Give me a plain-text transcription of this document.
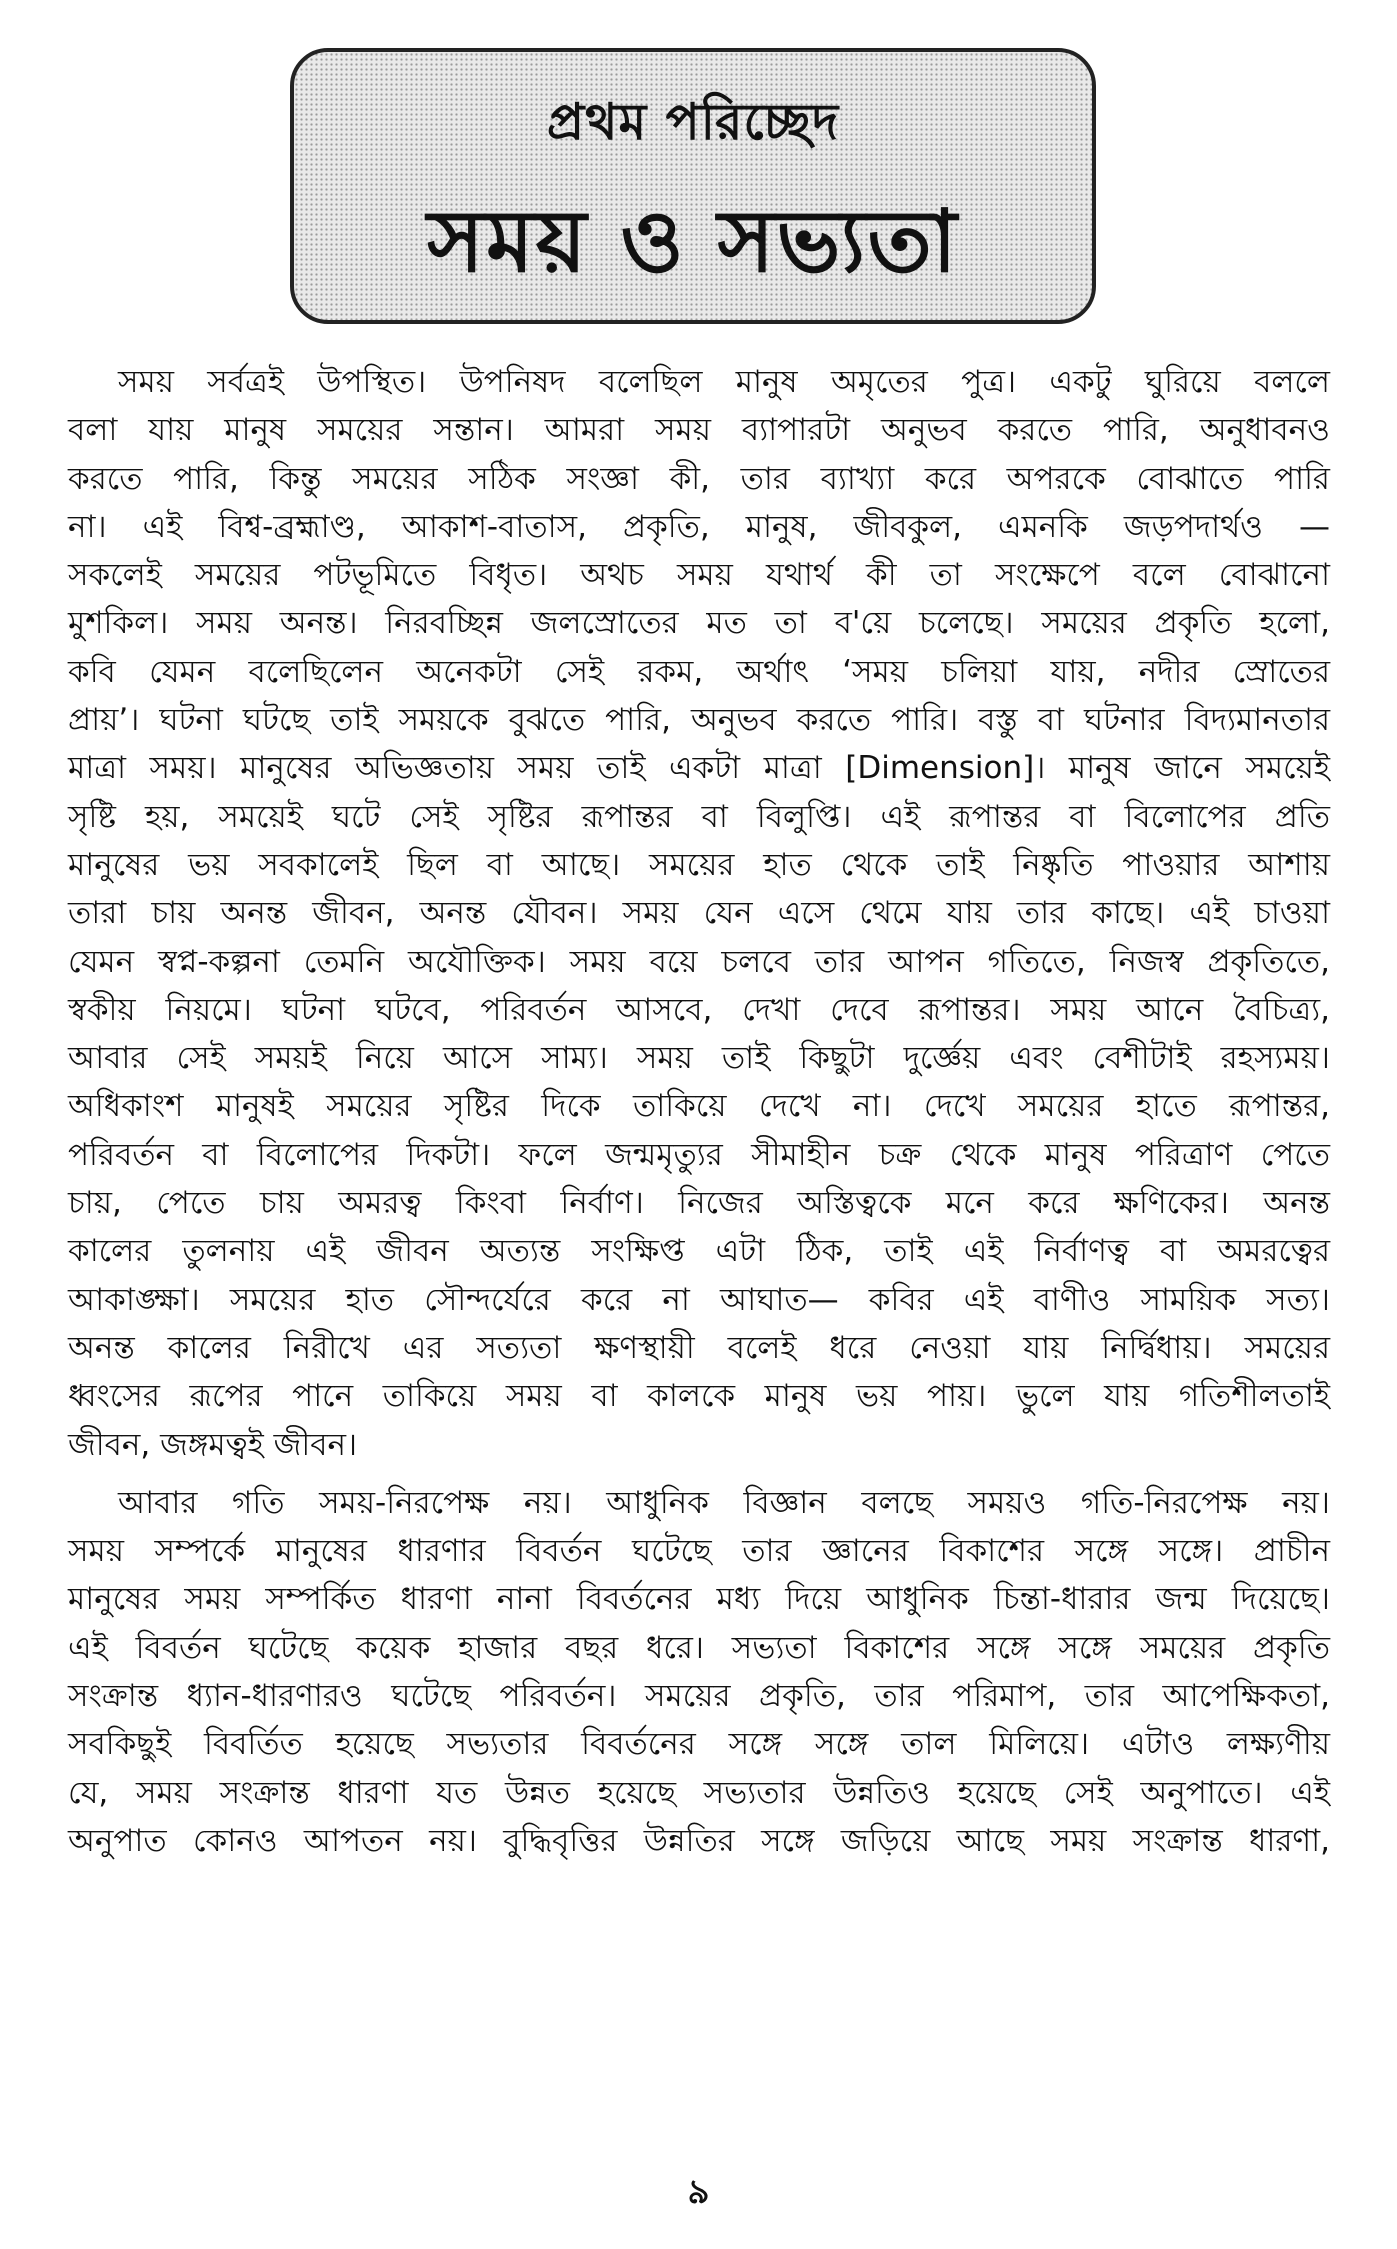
প্রথম পরিচ্ছেদ
সময় ও সভ্যতা
সময় সর্বত্রই উপস্থিত। উপনিষদ বলেছিল মানুষ অমৃতের পুত্র। একটু ঘুরিয়ে বললে
বলা যায় মানুষ সময়ের সন্তান। আমরা সময় ব্যাপারটা অনুভব করতে পারি, অনুধাবনও
করতে পারি, কিন্তু সময়ের সঠিক সংজ্ঞা কী, তার ব্যাখ্যা করে অপরকে বোঝাতে পারি
না। এই বিশ্ব-ব্রহ্মাণ্ড, আকাশ-বাতাস, প্রকৃতি, মানুষ, জীবকুল, এমনকি জড়পদার্থও —
সকলেই সময়ের পটভূমিতে বিধৃত। অথচ সময় যথার্থ কী তা সংক্ষেপে বলে বোঝানো
মুশকিল। সময় অনন্ত। নিরবচ্ছিন্ন জলস্রোতের মত তা ব'য়ে চলেছে। সময়ের প্রকৃতি হলো,
কবি যেমন বলেছিলেন অনেকটা সেই রকম, অর্থাৎ ‘সময় চলিয়া যায়, নদীর স্রোতের
প্রায়’। ঘটনা ঘটছে তাই সময়কে বুঝতে পারি, অনুভব করতে পারি। বস্তু বা ঘটনার বিদ্যমানতার
মাত্রা সময়। মানুষের অভিজ্ঞতায় সময় তাই একটা মাত্রা [Dimension]। মানুষ জানে সময়েই
সৃষ্টি হয়, সময়েই ঘটে সেই সৃষ্টির রূপান্তর বা বিলুপ্তি। এই রূপান্তর বা বিলোপের প্রতি
মানুষের ভয় সবকালেই ছিল বা আছে। সময়ের হাত থেকে তাই নিষ্কৃতি পাওয়ার আশায়
তারা চায় অনন্ত জীবন, অনন্ত যৌবন। সময় যেন এসে থেমে যায় তার কাছে। এই চাওয়া
যেমন স্বপ্ন-কল্পনা তেমনি অযৌক্তিক। সময় বয়ে চলবে তার আপন গতিতে, নিজস্ব প্রকৃতিতে,
স্বকীয় নিয়মে। ঘটনা ঘটবে, পরিবর্তন আসবে, দেখা দেবে রূপান্তর। সময় আনে বৈচিত্র্য,
আবার সেই সময়ই নিয়ে আসে সাম্য। সময় তাই কিছুটা দুর্জ্ঞেয় এবং বেশীটাই রহস্যময়।
অধিকাংশ মানুষই সময়ের সৃষ্টির দিকে তাকিয়ে দেখে না। দেখে সময়ের হাতে রূপান্তর,
পরিবর্তন বা বিলোপের দিকটা। ফলে জন্মমৃত্যুর সীমাহীন চক্র থেকে মানুষ পরিত্রাণ পেতে
চায়, পেতে চায় অমরত্ব কিংবা নির্বাণ। নিজের অস্তিত্বকে মনে করে ক্ষণিকের। অনন্ত
কালের তুলনায় এই জীবন অত্যন্ত সংক্ষিপ্ত এটা ঠিক, তাই এই নির্বাণত্ব বা অমরত্বের
আকাঙ্ক্ষা। সময়ের হাত সৌন্দর্যেরে করে না আঘাত— কবির এই বাণীও সাময়িক সত্য।
অনন্ত কালের নিরীখে এর সত্যতা ক্ষণস্থায়ী বলেই ধরে নেওয়া যায় নির্দ্বিধায়। সময়ের
ধ্বংসের রূপের পানে তাকিয়ে সময় বা কালকে মানুষ ভয় পায়। ভুলে যায় গতিশীলতাই
জীবন, জঙ্গমত্বই জীবন।
আবার গতি সময়-নিরপেক্ষ নয়। আধুনিক বিজ্ঞান বলছে সময়ও গতি-নিরপেক্ষ নয়।
সময় সম্পর্কে মানুষের ধারণার বিবর্তন ঘটেছে তার জ্ঞানের বিকাশের সঙ্গে সঙ্গে। প্রাচীন
মানুষের সময় সম্পর্কিত ধারণা নানা বিবর্তনের মধ্য দিয়ে আধুনিক চিন্তা-ধারার জন্ম দিয়েছে।
এই বিবর্তন ঘটেছে কয়েক হাজার বছর ধরে। সভ্যতা বিকাশের সঙ্গে সঙ্গে সময়ের প্রকৃতি
সংক্রান্ত ধ্যান-ধারণারও ঘটেছে পরিবর্তন। সময়ের প্রকৃতি, তার পরিমাপ, তার আপেক্ষিকতা,
সবকিছুই বিবর্তিত হয়েছে সভ্যতার বিবর্তনের সঙ্গে সঙ্গে তাল মিলিয়ে। এটাও লক্ষ্যণীয়
যে, সময় সংক্রান্ত ধারণা যত উন্নত হয়েছে সভ্যতার উন্নতিও হয়েছে সেই অনুপাতে। এই
অনুপাত কোনও আপতন নয়। বুদ্ধিবৃত্তির উন্নতির সঙ্গে জড়িয়ে আছে সময় সংক্রান্ত ধারণা,
৯
